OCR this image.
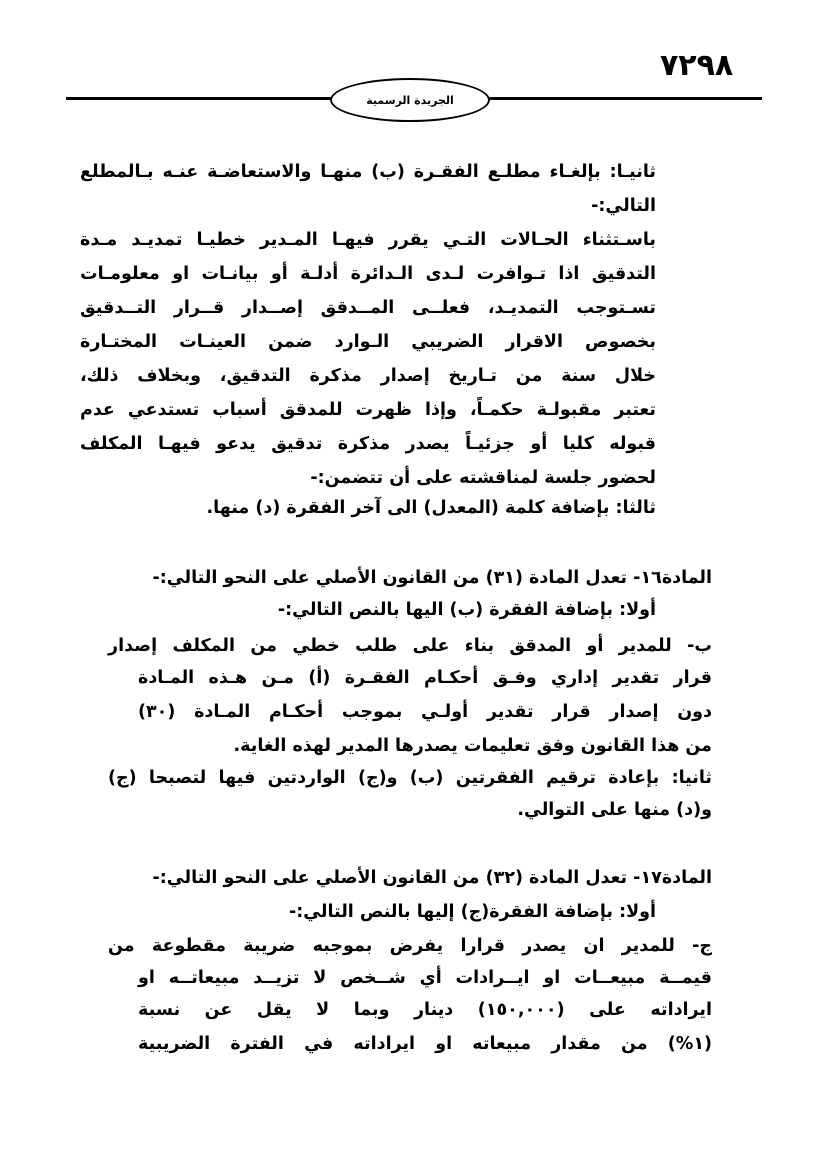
٧٢٩٨
الجريدة الرسمية
ثانيـا: بإلغـاء مطلـع الفقـرة (ب) منهـا والاستعاضـة عنـه بـالمطلع
التالي:-
باسـتثناء الحـالات التـي يقرر فيهـا المـدير خطيـا تمديـد مـدة
التدقيق اذا تـوافرت لـدى الـدائرة أدلـة أو بيانـات او معلومـات
تسـتوجب التمديـد، فعلــى المــدقق إصــدار قــرار التــدقيق
بخصوص الاقرار الضريبي الـوارد ضمن العينـات المختـارة
خلال سنة من تـاريخ إصدار مذكرة التدقيق، وبخلاف ذلك،
تعتبر مقبولـة حكمـاً، وإذا ظهرت للمدقق أسباب تستدعي عدم
قبوله كليا أو جزئيـاً يصدر مذكرة تدقيق يدعو فيهـا المكلف
لحضور جلسة لمناقشته على أن تتضمن:-
ثالثا: بإضافة كلمة (المعدل) الى آخر الفقرة (د) منها.
المادة١٦- تعدل المادة (٣١) من القانون الأصلي على النحو التالي:-
أولا: بإضافة الفقرة (ب) اليها بالنص التالي:-
ب- للمدير أو المدقق بناء على طلب خطي من المكلف إصدار
قرار تقدير إداري وفـق أحكـام الفقـرة (أ) مـن هـذه المـادة
دون إصدار قرار تقدير أولـي بموجب أحكـام المـادة (٣٠)
من هذا القانون وفق تعليمات يصدرها المدير لهذه الغاية.
ثانيا: بإعادة ترقيم الفقرتين (ب) و(ج) الواردتين فيها لتصبحا (ج)
و(د) منها على التوالي.
المادة١٧- تعدل المادة (٣٢) من القانون الأصلي على النحو التالي:-
أولا: بإضافة الفقرة(ج) إليها بالنص التالي:-
ج- للمدير ان يصدر قرارا يفرض بموجبه ضريبة مقطوعة من
قيمــة مبيعــات او ايــرادات أي شــخص لا تزيــد مبيعاتــه او
ايراداته على (١٥٠,٠٠٠) دينار وبما لا يقل عن نسبة
(١%) من مقدار مبيعاته او ايراداته في الفترة الضريبية
